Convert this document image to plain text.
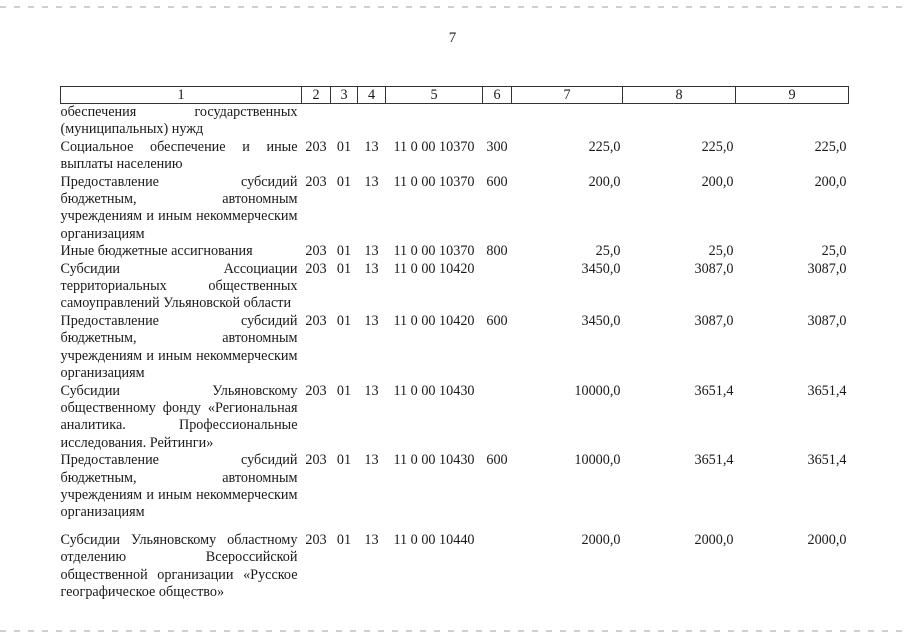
7
1	2	3	4	5	6	7	8	9
обеспечения государственных (муниципальных) нужд								
Социальное обеспечение и иные выплаты населению	203	01	13	11 0 00 10370	300	225,0	225,0	225,0
Предоставление субсидий бюджетным, автономным учреждениям и иным некоммерческим организациям	203	01	13	11 0 00 10370	600	200,0	200,0	200,0
Иные бюджетные ассигнования	203	01	13	11 0 00 10370	800	25,0	25,0	25,0
Субсидии Ассоциации территориальных общественных самоуправлений Ульяновской области	203	01	13	11 0 00 10420		3450,0	3087,0	3087,0
Предоставление субсидий бюджетным, автономным учреждениям и иным некоммерческим организациям	203	01	13	11 0 00 10420	600	3450,0	3087,0	3087,0
Субсидии Ульяновскому общественному фонду «Региональная аналитика. Профессиональные исследования. Рейтинги»	203	01	13	11 0 00 10430		10000,0	3651,4	3651,4
Предоставление субсидий бюджетным, автономным учреждениям и иным некоммерческим организациям	203	01	13	11 0 00 10430	600	10000,0	3651,4	3651,4
Субсидии Ульяновскому областному отделению Всероссийской общественной организации «Русское географическое общество»	203	01	13	11 0 00 10440		2000,0	2000,0	2000,0
